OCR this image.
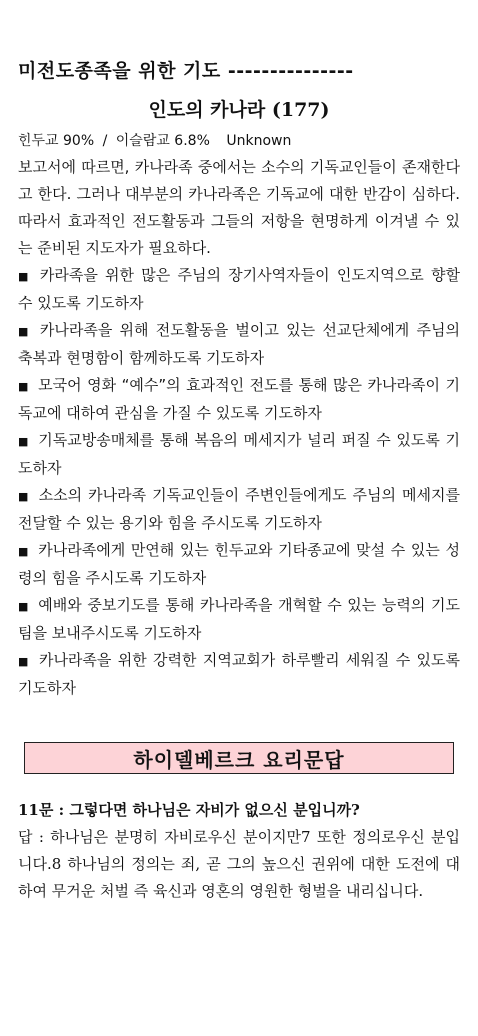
미전도종족을 위한 기도 ---------------
인도의 카나라 (177)
힌두교 90% / 이슬람교 6.8% Unknown
보고서에 따르면, 카나라족 중에서는 소수의 기독교인들이 존재한다고 한다. 그러나 대부분의 카나라족은 기독교에 대한 반감이 심하다. 따라서 효과적인 전도활동과 그들의 저항을 현명하게 이겨낼 수 있는 준비된 지도자가 필요하다.
■ 카라족을 위한 많은 주님의 장기사역자들이 인도지역으로 향할 수 있도록 기도하자
■ 카나라족을 위해 전도활동을 벌이고 있는 선교단체에게 주님의 축복과 현명함이 함께하도록 기도하자
■ 모국어 영화 “예수”의 효과적인 전도를 통해 많은 카나라족이 기독교에 대하여 관심을 가질 수 있도록 기도하자
■ 기독교방송매체를 통해 복음의 메세지가 널리 퍼질 수 있도록 기도하자
■ 소소의 카나라족 기독교인들이 주변인들에게도 주님의 메세지를 전달할 수 있는 용기와 힘을 주시도록 기도하자
■ 카나라족에게 만연해 있는 힌두교와 기타종교에 맞설 수 있는 성령의 힘을 주시도록 기도하자
■ 예배와 중보기도를 통해 카나라족을 개혁할 수 있는 능력의 기도팀을 보내주시도록 기도하자
■ 카나라족을 위한 강력한 지역교회가 하루빨리 세워질 수 있도록 기도하자
하이델베르크 요리문답
11문 : 그렇다면 하나님은 자비가 없으신 분입니까?
답 : 하나님은 분명히 자비로우신 분이지만7 또한 정의로우신 분입니다.8 하나님의 정의는 죄, 곧 그의 높으신 권위에 대한 도전에 대하여 무거운 처벌 즉 육신과 영혼의 영원한 형벌을 내리십니다.
